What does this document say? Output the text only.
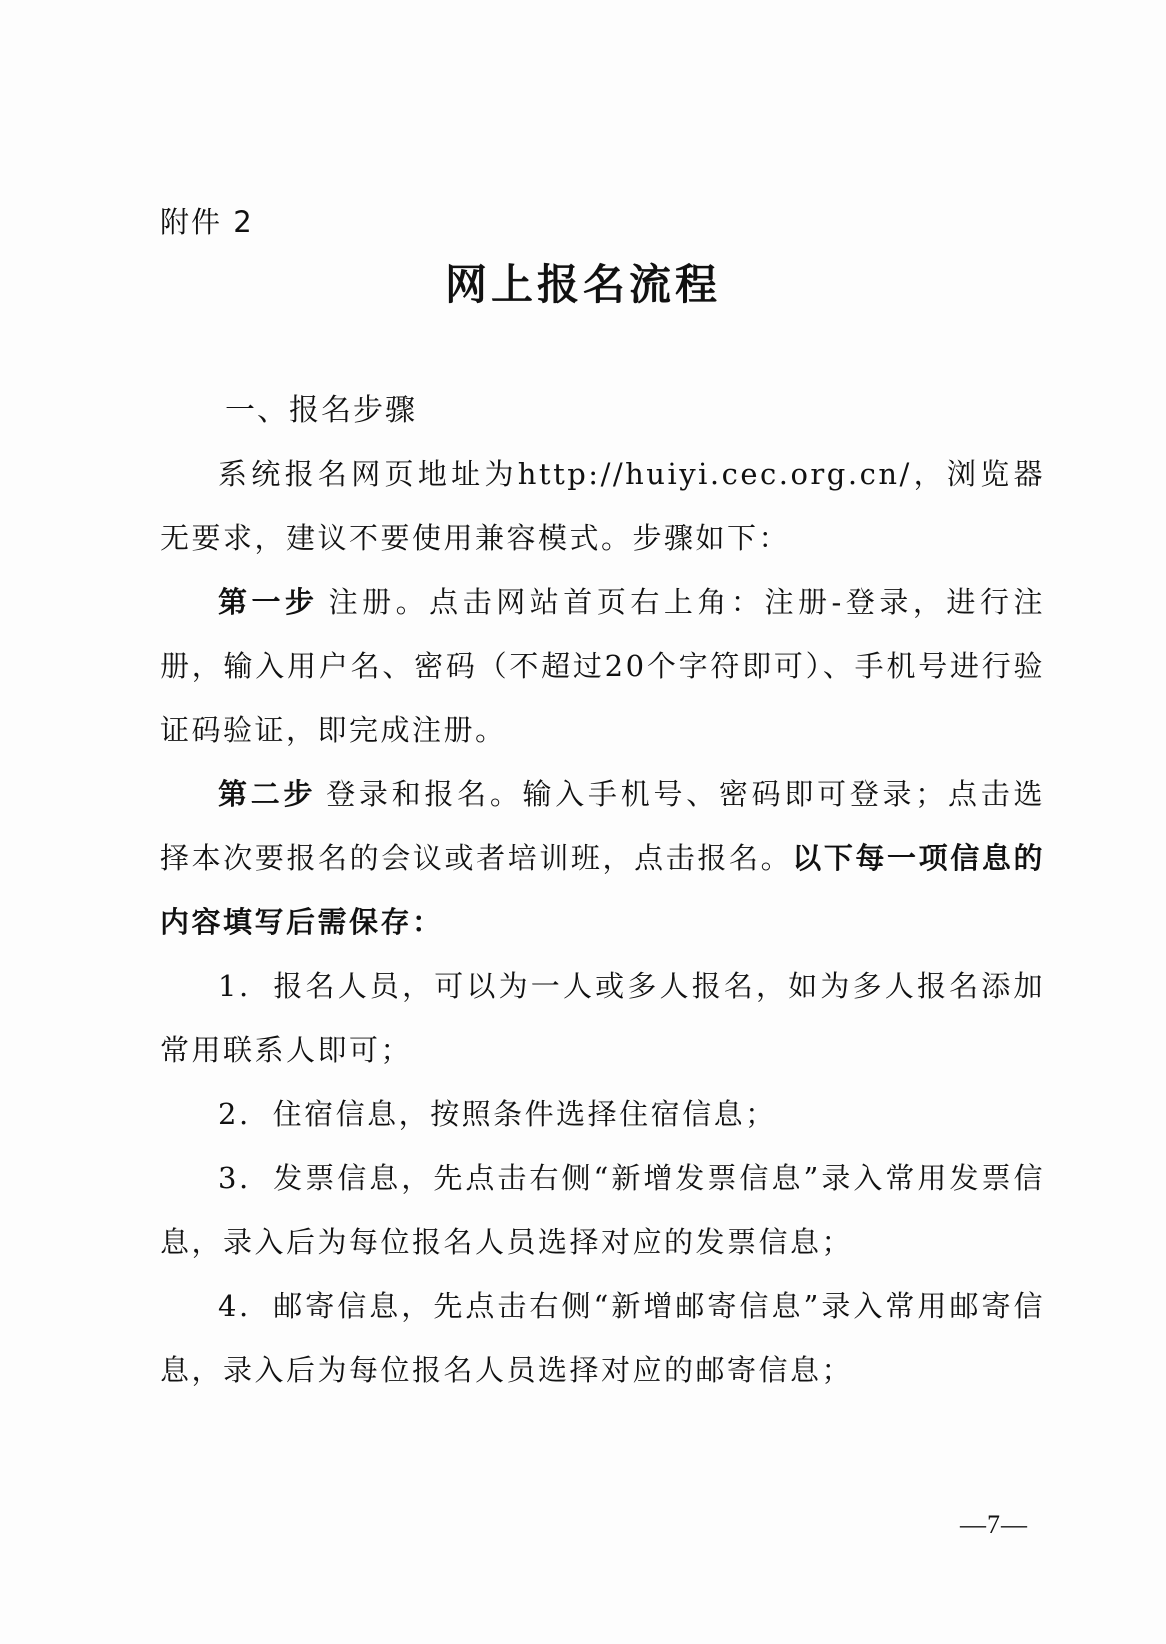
附件 2
网上报名流程
一、报名步骤

系统报名网页地址为http://huiyi.cec.org.cn/，浏览器无要求，建议不要使用兼容模式。步骤如下：

第一步 注册。点击网站首页右上角：注册-登录，进行注册，输入用户名、密码（不超过20个字符即可）、手机号进行验证码验证，即完成注册。

第二步 登录和报名。输入手机号、密码即可登录；点击选择本次要报名的会议或者培训班，点击报名。以下每一项信息的内容填写后需保存：

1. 报名人员，可以为一人或多人报名，如为多人报名添加常用联系人即可；

2. 住宿信息，按照条件选择住宿信息；

3. 发票信息，先点击右侧“新增发票信息”录入常用发票信息，录入后为每位报名人员选择对应的发票信息；

4. 邮寄信息，先点击右侧“新增邮寄信息”录入常用邮寄信息，录入后为每位报名人员选择对应的邮寄信息；

—7—
